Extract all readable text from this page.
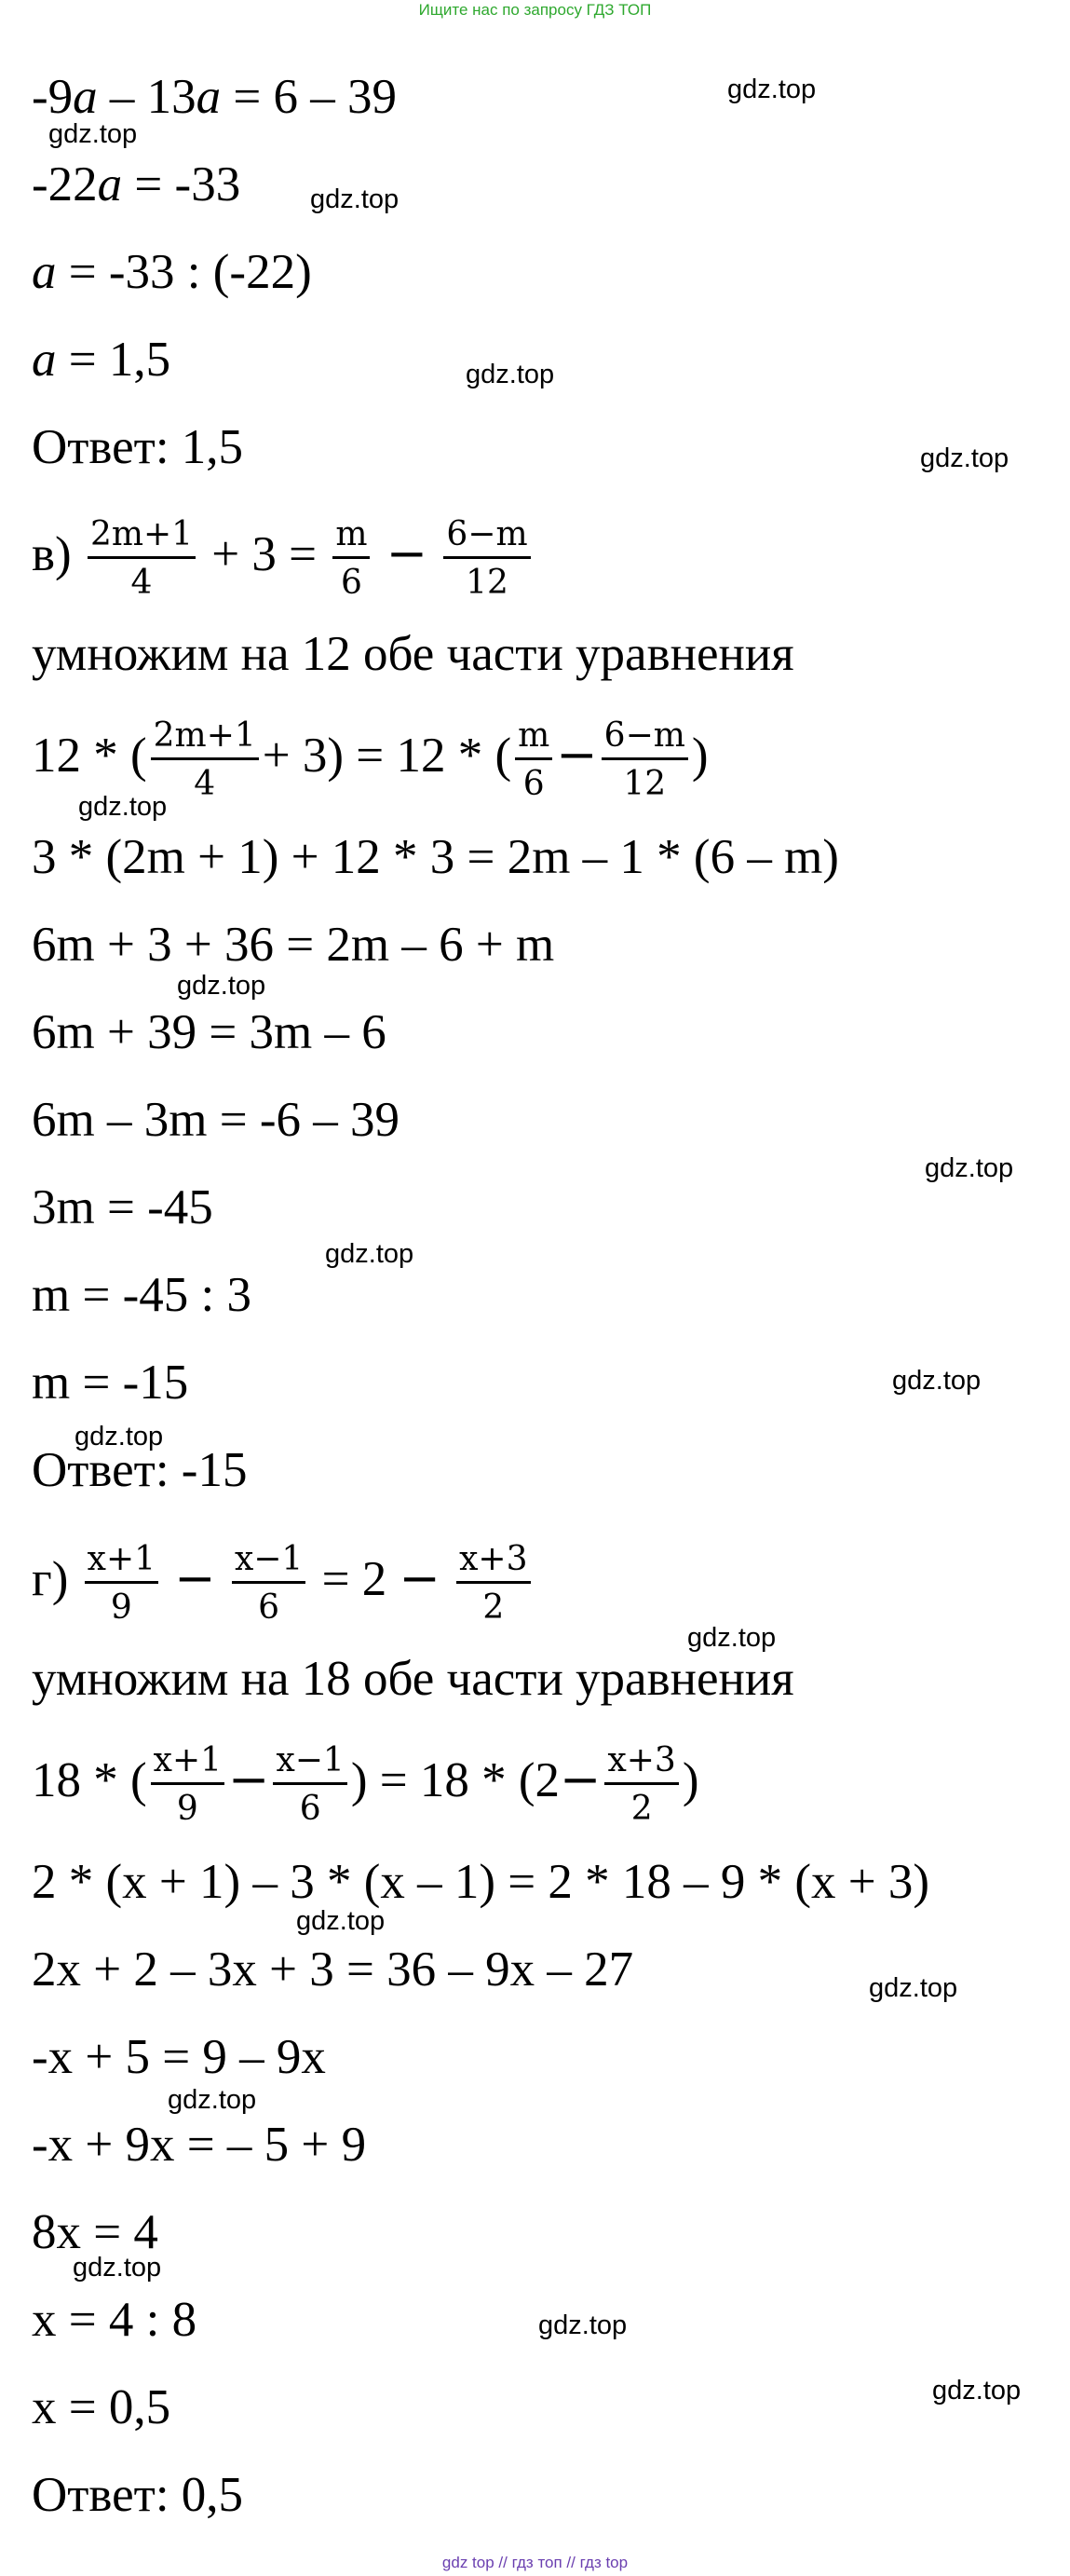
Ищите нас по запросу ГДЗ ТОП
-9a – 13a = 6 – 39
-22a = -33
a = -33 : (-22)
a = 1,5
Ответ: 1,5
$в) \frac{2m+1}{4} + 3 = \frac{m}{6} - \frac{6-m}{12}$
умножим на 12 обе части уравнения
12 * ( $\frac{2m+1}{4} + 3) = 12$ * ( $\frac{m}{6} - \frac{6-m}{12}$ )
3 * (2m + 1) + 12 * 3 = 2m – 1 * (6 – m)
6m + 3 + 36 = 2m – 6 + m
6m + 39 = 3m – 6
6m – 3m = -6 – 39
3m = -45
m = -45 : 3
m = -15
Ответ: -15
$г) \frac{x+1}{9} - \frac{x-1}{6} = 2 - \frac{x+3}{2}$
умножим на 18 обе части уравнения
18 * ( $\frac{x+1}{9} - \frac{x-1}{6}$ ) = $18 * (2- \frac{x+3}{2}$ )
2 * (x + 1) – 3 * (x – 1) = 2 * 18 – 9 * (x + 3)
2x + 2 – 3x + 3 = 36 – 9x – 27
-x + 5 = 9 – 9x
-x + 9x = – 5 + 9
8x = 4
x = 4 : 8
x = 0,5
Ответ: 0,5
gdz.top
gdz.top
gdz.top
gdz.top
gdz.top
gdz.top
gdz.top
gdz.top
gdz.top
gdz.top
gdz.top
gdz.top
gdz.top
gdz.top
gdz.top
gdz.top
gdz.top
gdz.top
gdz top // гдз топ // гдз top
